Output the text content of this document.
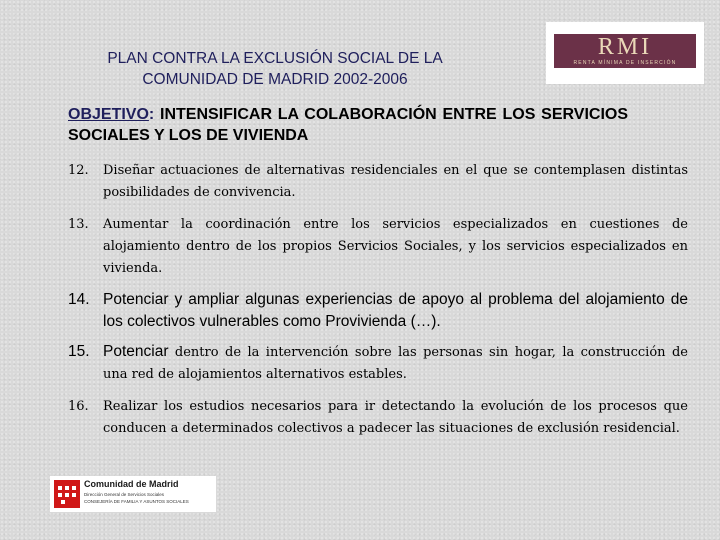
PLAN CONTRA LA EXCLUSIÓN SOCIAL DE LA
COMUNIDAD DE MADRID 2002-2006
RMI
RENTA MÍNIMA DE INSERCIÓN
OBJETIVO: INTENSIFICAR LA COLABORACIÓN ENTRE LOS SERVICIOS SOCIALES Y LOS DE VIVIENDA
12. Diseñar actuaciones de alternativas residenciales en el que se contemplasen distintas posibilidades de convivencia.
13. Aumentar la coordinación entre los servicios especializados en cuestiones de alojamiento dentro de los propios Servicios Sociales, y los servicios especializados en vivienda.
14. Potenciar y ampliar algunas experiencias de apoyo al problema del alojamiento de los colectivos vulnerables como Provivienda (…).
15. Potenciar dentro de la intervención sobre las personas sin hogar, la construcción de una red de alojamientos alternativos estables.
16. Realizar los estudios necesarios para ir detectando la evolución de los procesos que conducen a determinados colectivos a padecer las situaciones de exclusión residencial.
Comunidad de Madrid
Dirección General de Servicios Sociales
CONSEJERÍA DE FAMILIA Y ASUNTOS SOCIALES
